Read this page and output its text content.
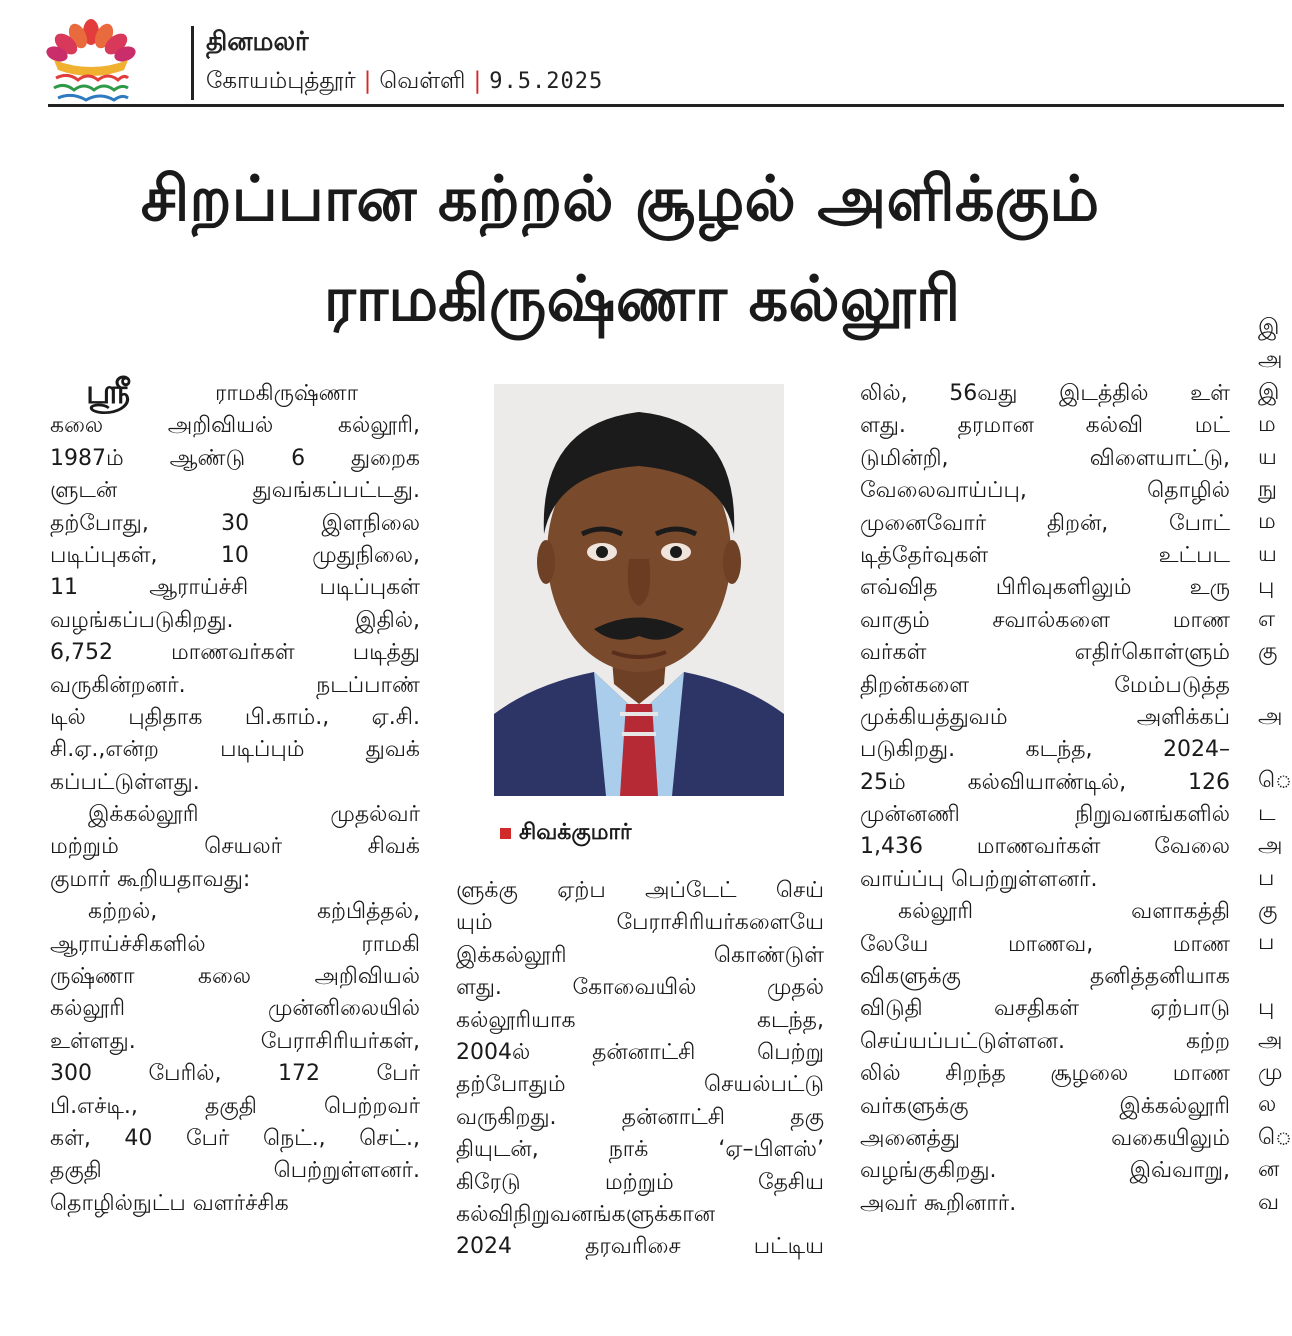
தினமலர்
கோயம்புத்தூர் | வெள்ளி | 9.5.2025
சிறப்பான கற்றல் சூழல் அளிக்கும்
ராமகிருஷ்ணா கல்லூரி
ஸ்ரீ	ராமகிருஷ்ணா
கலை அறிவியல் கல்லூரி,
1987ம் ஆண்டு 6 துறைக
ளுடன் துவங்கப்பட்டது.
தற்போது, 30 இளநிலை
படிப்புகள், 10 முதுநிலை,
11 ஆராய்ச்சி படிப்புகள்
வழங்கப்படுகிறது. இதில்,
6,752 மாணவர்கள் படித்து
வருகின்றனர். நடப்பாண்
டில் புதிதாக பி.காம்., ஏ.சி.
சி.ஏ.,என்ற படிப்பும் துவக்
கப்பட்டுள்ளது.
இக்கல்லூரி முதல்வர்
மற்றும் செயலர் சிவக்
குமார் கூறியதாவது:
கற்றல், கற்பித்தல்,
ஆராய்ச்சிகளில் ராமகி
ருஷ்ணா கலை அறிவியல்
கல்லூரி முன்னிலையில்
உள்ளது. பேராசிரியர்கள்,
300 பேரில், 172 பேர்
பி.எச்டி., தகுதி பெற்றவர்
கள், 40 பேர் நெட்., செட்.,
தகுதி பெற்றுள்ளனர்.
தொழில்நுட்ப வளர்ச்சிக
சிவக்குமார்
ளுக்கு ஏற்ப அப்டேட் செய்
யும் பேராசிரியர்களையே
இக்கல்லூரி கொண்டுள்
ளது. கோவையில் முதல்
கல்லூரியாக கடந்த,
2004ல் தன்னாட்சி பெற்று
தற்போதும் செயல்பட்டு
வருகிறது. தன்னாட்சி தகு
தியுடன், நாக் ‘ஏ–பிளஸ்’
கிரேடு மற்றும் தேசிய
கல்விநிறுவனங்களுக்கான
2024 தரவரிசை பட்டிய
லில், 56வது இடத்தில் உள்
ளது. தரமான கல்வி மட்
டுமின்றி, விளையாட்டு,
வேலைவாய்ப்பு, தொழில்
முனைவோர் திறன், போட்
டித்தேர்வுகள் உட்பட
எவ்வித பிரிவுகளிலும் உரு
வாகும் சவால்களை மாண
வர்கள் எதிர்கொள்ளும்
திறன்களை மேம்படுத்த
முக்கியத்துவம் அளிக்கப்
படுகிறது. கடந்த, 2024–
25ம் கல்வியாண்டில், 126
முன்னணி நிறுவனங்களில்
1,436 மாணவர்கள் வேலை
வாய்ப்பு பெற்றுள்ளனர்.
கல்லூரி வளாகத்தி
லேயே மாணவ, மாண
விகளுக்கு தனித்தனியாக
விடுதி வசதிகள் ஏற்பாடு
செய்யப்பட்டுள்ளன. கற்ற
லில் சிறந்த சூழலை மாண
வர்களுக்கு இக்கல்லூரி
அனைத்து வகையிலும்
வழங்குகிறது. இவ்வாறு,
அவர் கூறினார்.
இ
அ
இ
ம
ய
நு
ம
ய
பு
எ
கு
அ
ெ
ட
அ
ப
கு
ப
பு
அ
மு
ல
ெ
ன
வ
